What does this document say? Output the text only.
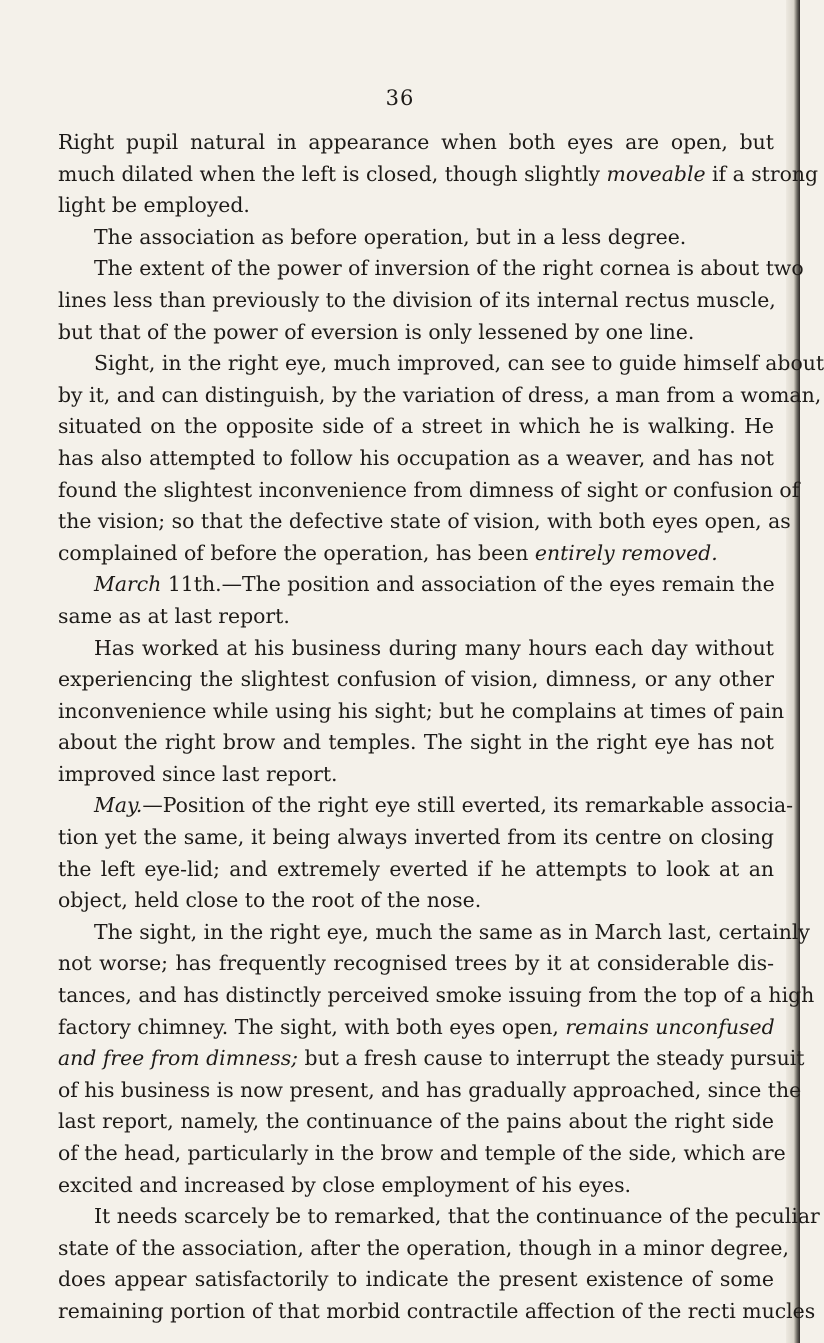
36
Right pupil natural in appearance when both eyes are open, but
much dilated when the left is closed, though slightly moveable if a strong
light be employed.
The association as before operation, but in a less degree.
The extent of the power of inversion of the right cornea is about two
lines less than previously to the division of its internal rectus muscle,
but that of the power of eversion is only lessened by one line.
Sight, in the right eye, much improved, can see to guide himself about
by it, and can distinguish, by the variation of dress, a man from a woman,
situated on the opposite side of a street in which he is walking. He
has also attempted to follow his occupation as a weaver, and has not
found the slightest inconvenience from dimness of sight or confusion of
the vision; so that the defective state of vision, with both eyes open, as
complained of before the operation, has been entirely removed.
March 11th.—The position and association of the eyes remain the
same as at last report.
Has worked at his business during many hours each day without
experiencing the slightest confusion of vision, dimness, or any other
inconvenience while using his sight; but he complains at times of pain
about the right brow and temples. The sight in the right eye has not
improved since last report.
May.—Position of the right eye still everted, its remarkable associa-
tion yet the same, it being always inverted from its centre on closing
the left eye-lid; and extremely everted if he attempts to look at an
object, held close to the root of the nose.
The sight, in the right eye, much the same as in March last, certainly
not worse; has frequently recognised trees by it at considerable dis-
tances, and has distinctly perceived smoke issuing from the top of a high
factory chimney. The sight, with both eyes open, remains unconfused
and free from dimness; but a fresh cause to interrupt the steady pursuit
of his business is now present, and has gradually approached, since the
last report, namely, the continuance of the pains about the right side
of the head, particularly in the brow and temple of the side, which are
excited and increased by close employment of his eyes.
It needs scarcely be to remarked, that the continuance of the peculiar
state of the association, after the operation, though in a minor degree,
does appear satisfactorily to indicate the present existence of some
remaining portion of that morbid contractile affection of the recti mucles
